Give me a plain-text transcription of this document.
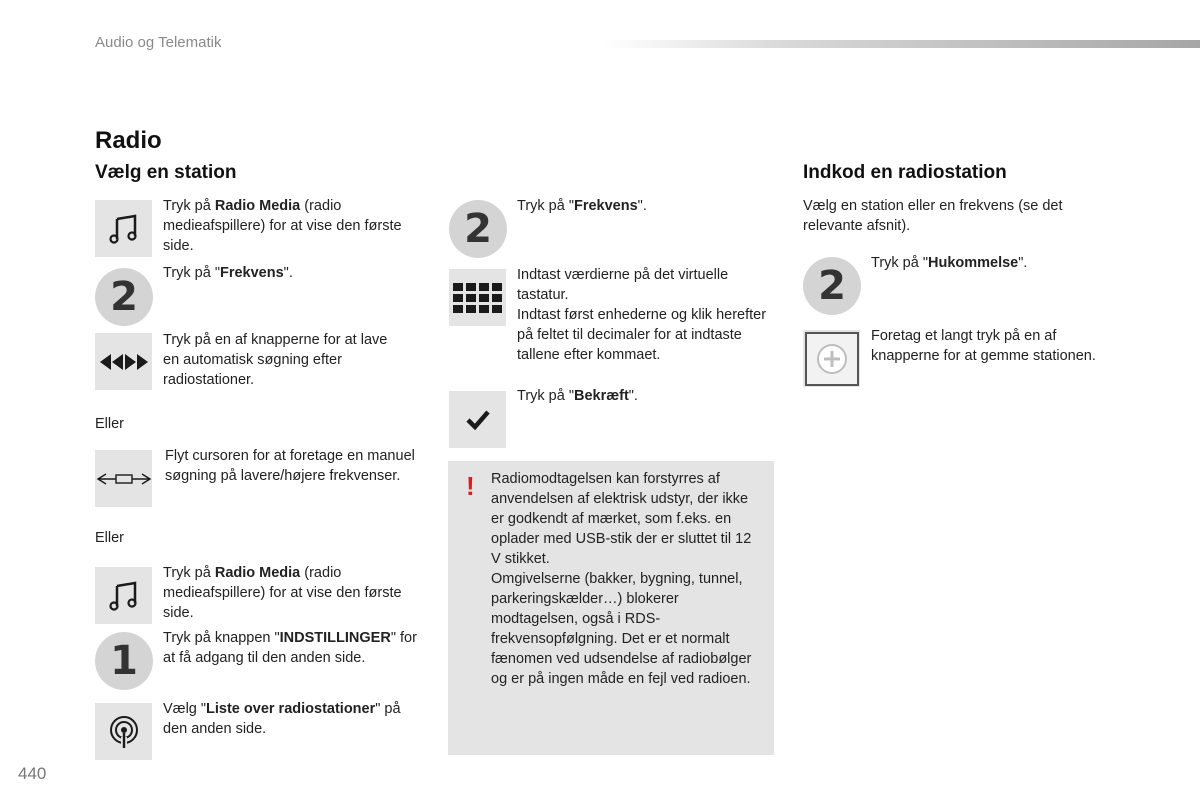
Audio og Telematik
Radio
Vælg en station
Tryk på Radio Media (radio medieafspillere) for at vise den første side.
2
Tryk på "Frekvens".
Tryk på en af knapperne for at lave en automatisk søgning efter radiostationer.
Eller
Flyt cursoren for at foretage en manuel søgning på lavere/højere frekvenser.
Eller
Tryk på Radio Media (radio medieafspillere) for at vise den første side.
1	Tryk på knappen "INDSTILLINGER" for at få adgang til den anden side.
Vælg "Liste over radiostationer" på den anden side.
2	Tryk på "Frekvens".
Indtast værdierne på det virtuelle tastatur.
Indtast først enhederne og klik herefter på feltet til decimaler for at indtaste tallene efter kommaet.
Tryk på "Bekræft".
! Radiomodtagelsen kan forstyrres af anvendelsen af elektrisk udstyr, der ikke er godkendt af mærket, som f.eks. en oplader med USB-stik der er sluttet til 12 V stikket.
Omgivelserne (bakker, bygning, tunnel, parkeringskælder…) blokerer modtagelsen, også i RDS-frekvensopfølgning. Det er et normalt fænomen ved udsendelse af radiobølger og er på ingen måde en fejl ved radioen.
Indkod en radiostation
Vælg en station eller en frekvens (se det relevante afsnit).
2	Tryk på "Hukommelse".
Foretag et langt tryk på en af knapperne for at gemme stationen.
440
